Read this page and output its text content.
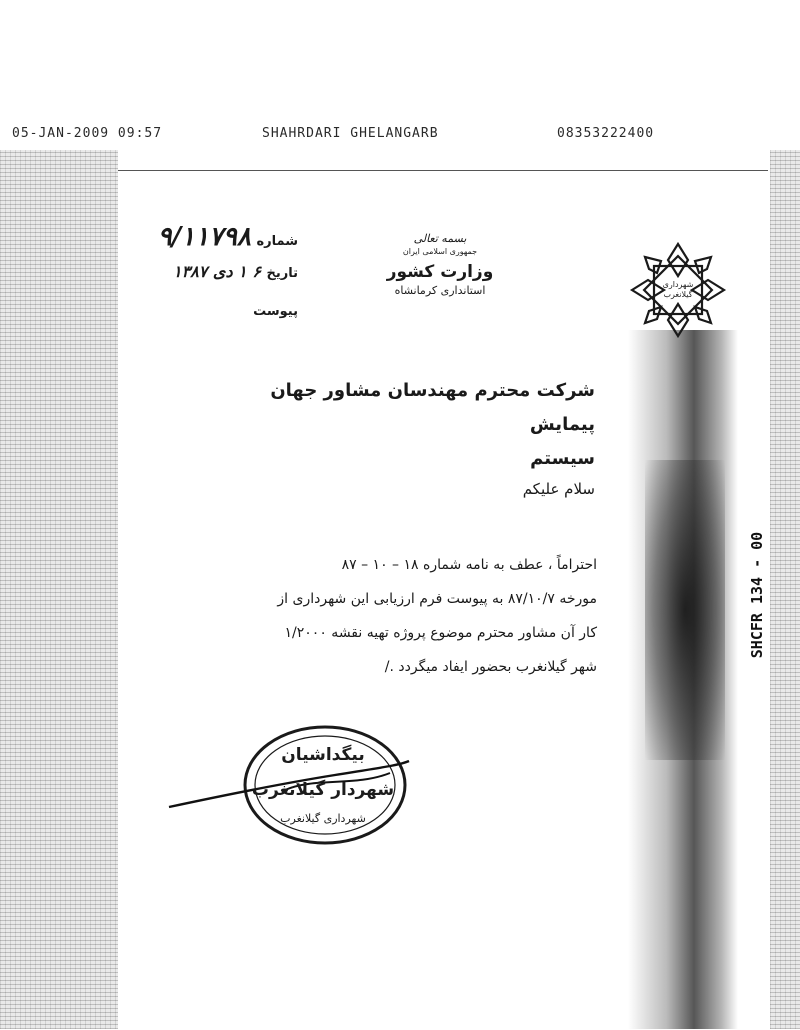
05-JAN-2009 09:57	SHAHRDARI GHELANGARB	08353222400
شهرداری گیلانغرب
بسمه تعالی
جمهوری اسلامی ایران
وزارت کشور
استانداری کرمانشاه
شماره ۹/۱۱۷۹۸
تاریخ ۶ ۱ دی ۱۳۸۷
پیوست
شرکت محترم مهندسان مشاور جهان پیمایش
سیستم
سلام علیکم

احتراماً ، عطف به نامه شماره ۱۸ – ۱۰ – ۸۷

مورخه ۸۷/۱۰/۷ به پیوست فرم ارزیابی این شهرداری از

کار آن مشاور محترم موضوع پروژه تهیه نقشه ۱/۲۰۰۰

شهر گیلانغرب بحضور ایفاد میگردد ./

SHCFR 134 - 00
بیگداشیان
شهردار گیلانغرب
شهرداری گیلانغرب
